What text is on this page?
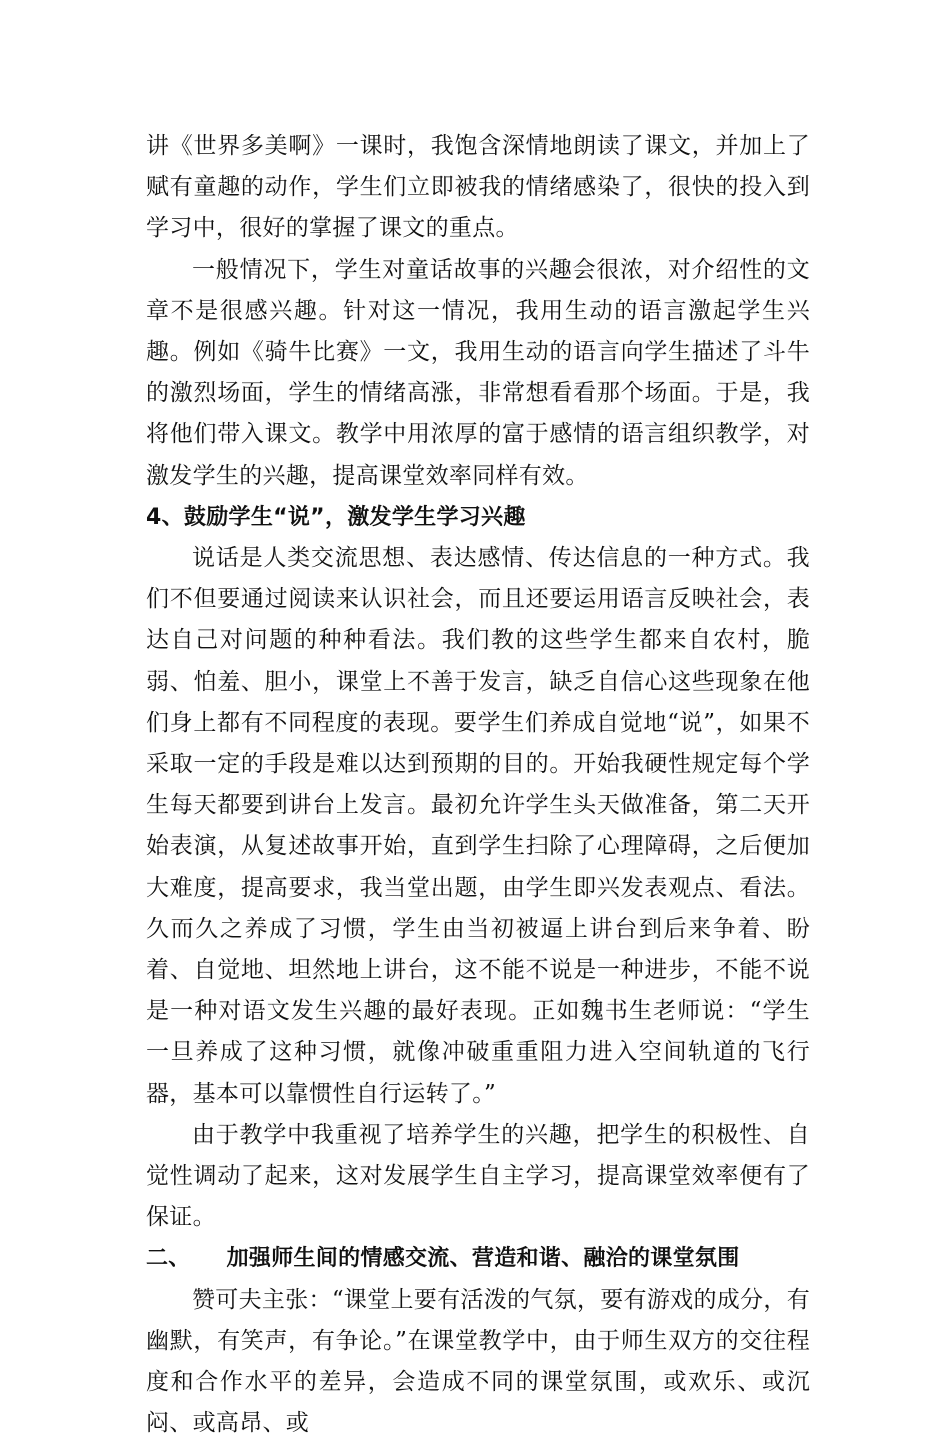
讲《世界多美啊》一课时，我饱含深情地朗读了课文，并加上了赋有童趣的动作，学生们立即被我的情绪感染了，很快的投入到学习中，很好的掌握了课文的重点。

一般情况下，学生对童话故事的兴趣会很浓，对介绍性的文章不是很感兴趣。针对这一情况，我用生动的语言激起学生兴趣。例如《骑牛比赛》一文，我用生动的语言向学生描述了斗牛的激烈场面，学生的情绪高涨，非常想看看那个场面。于是，我将他们带入课文。教学中用浓厚的富于感情的语言组织教学，对激发学生的兴趣，提高课堂效率同样有效。

4、鼓励学生“说”，激发学生学习兴趣

说话是人类交流思想、表达感情、传达信息的一种方式。我们不但要通过阅读来认识社会，而且还要运用语言反映社会，表达自己对问题的种种看法。我们教的这些学生都来自农村，脆弱、怕羞、胆小，课堂上不善于发言，缺乏自信心这些现象在他们身上都有不同程度的表现。要学生们养成自觉地“说”，如果不采取一定的手段是难以达到预期的目的。开始我硬性规定每个学生每天都要到讲台上发言。最初允许学生头天做准备，第二天开始表演，从复述故事开始，直到学生扫除了心理障碍，之后便加大难度，提高要求，我当堂出题，由学生即兴发表观点、看法。久而久之养成了习惯，学生由当初被逼上讲台到后来争着、盼着、自觉地、坦然地上讲台，这不能不说是一种进步，不能不说是一种对语文发生兴趣的最好表现。正如魏书生老师说：“学生一旦养成了这种习惯，就像冲破重重阻力进入空间轨道的飞行器，基本可以靠惯性自行运转了。”

由于教学中我重视了培养学生的兴趣，把学生的积极性、自觉性调动了起来，这对发展学生自主学习，提高课堂效率便有了保证。

二、 加强师生间的情感交流、营造和谐、融洽的课堂氛围

赞可夫主张：“课堂上要有活泼的气氛，要有游戏的成分，有幽默，有笑声，有争论。”在课堂教学中，由于师生双方的交往程度和合作水平的差异，会造成不同的课堂氛围，或欢乐、或沉闷、或高昂、或
